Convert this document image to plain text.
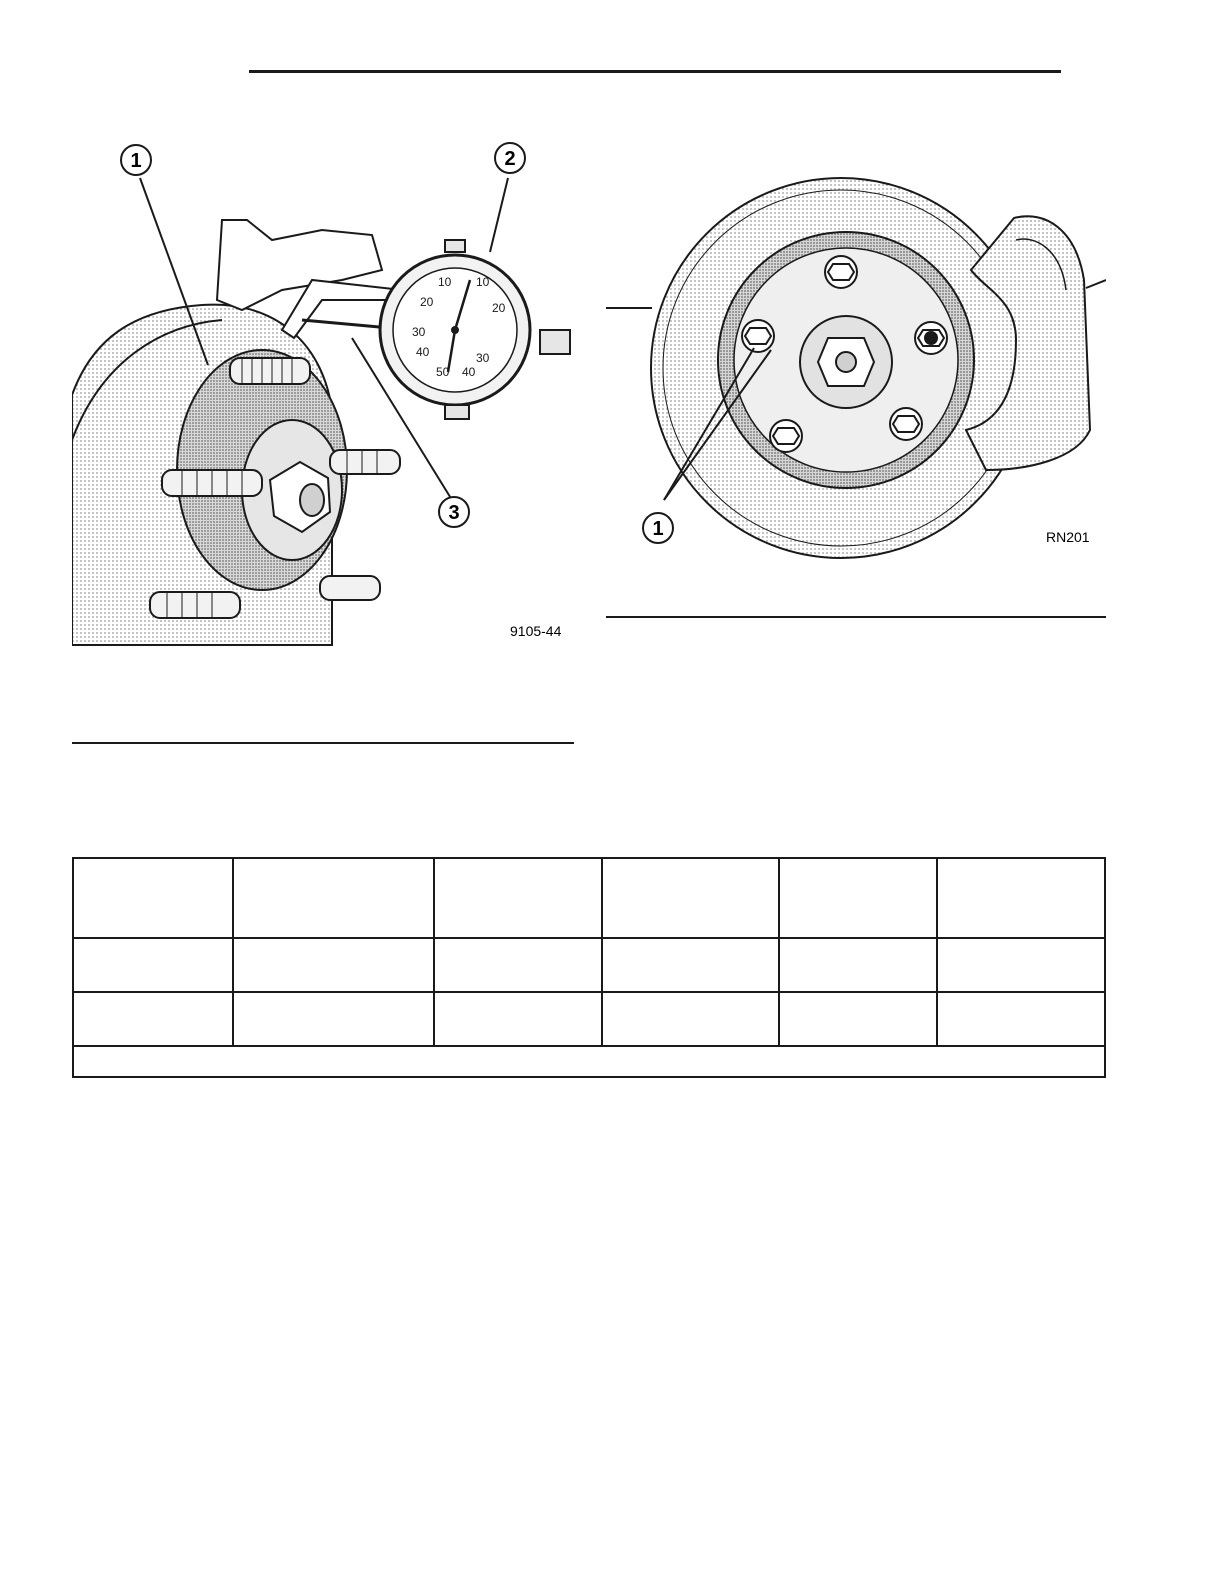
10
20
30
40
50
10
20
30
40
1	2
3
9105-44
1	RN201
